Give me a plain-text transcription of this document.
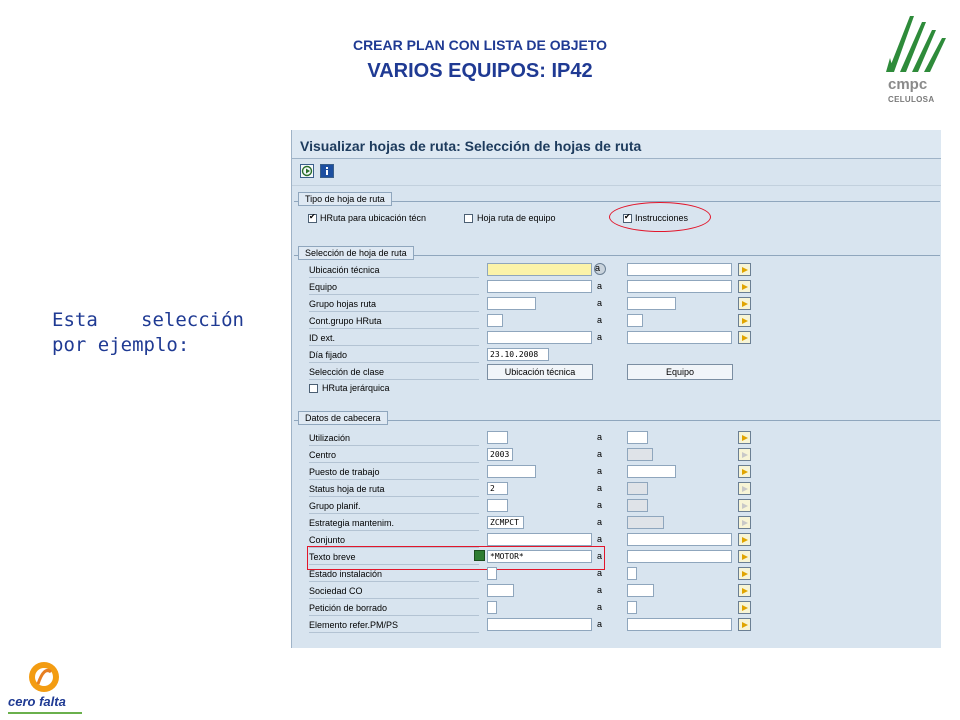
CREAR PLAN CON LISTA DE OBJETO
VARIOS EQUIPOS: IP42
cmpc
CELULOSA
Esta selección
por ejemplo:
Visualizar hojas de ruta: Selección de hojas de ruta
Tipo de hoja de ruta
✔
HRuta para ubicación técn	Hoja ruta de equipo
✔	Instrucciones
Selección de hoja de ruta
Ubicación técnica
Equipo	a
Grupo hojas ruta	a
Cont.grupo HRuta	a
ID ext.	a
Día fijado	23.10.2008
Selección de clase	Ubicación técnica	Equipo
HRuta jerárquica
Datos de cabecera
Utilización	a
Centro	2003	a
Puesto de trabajo	a
Status hoja de ruta	2	a
Grupo planif.	a
Estrategia mantenim.	ZCMPCT	a
Conjunto	a
Texto breve	*MOTOR*	a
Estado instalación	a
Sociedad CO	a
Petición de borrado	a
Elemento refer.PM/PS	a
a
cero falta
